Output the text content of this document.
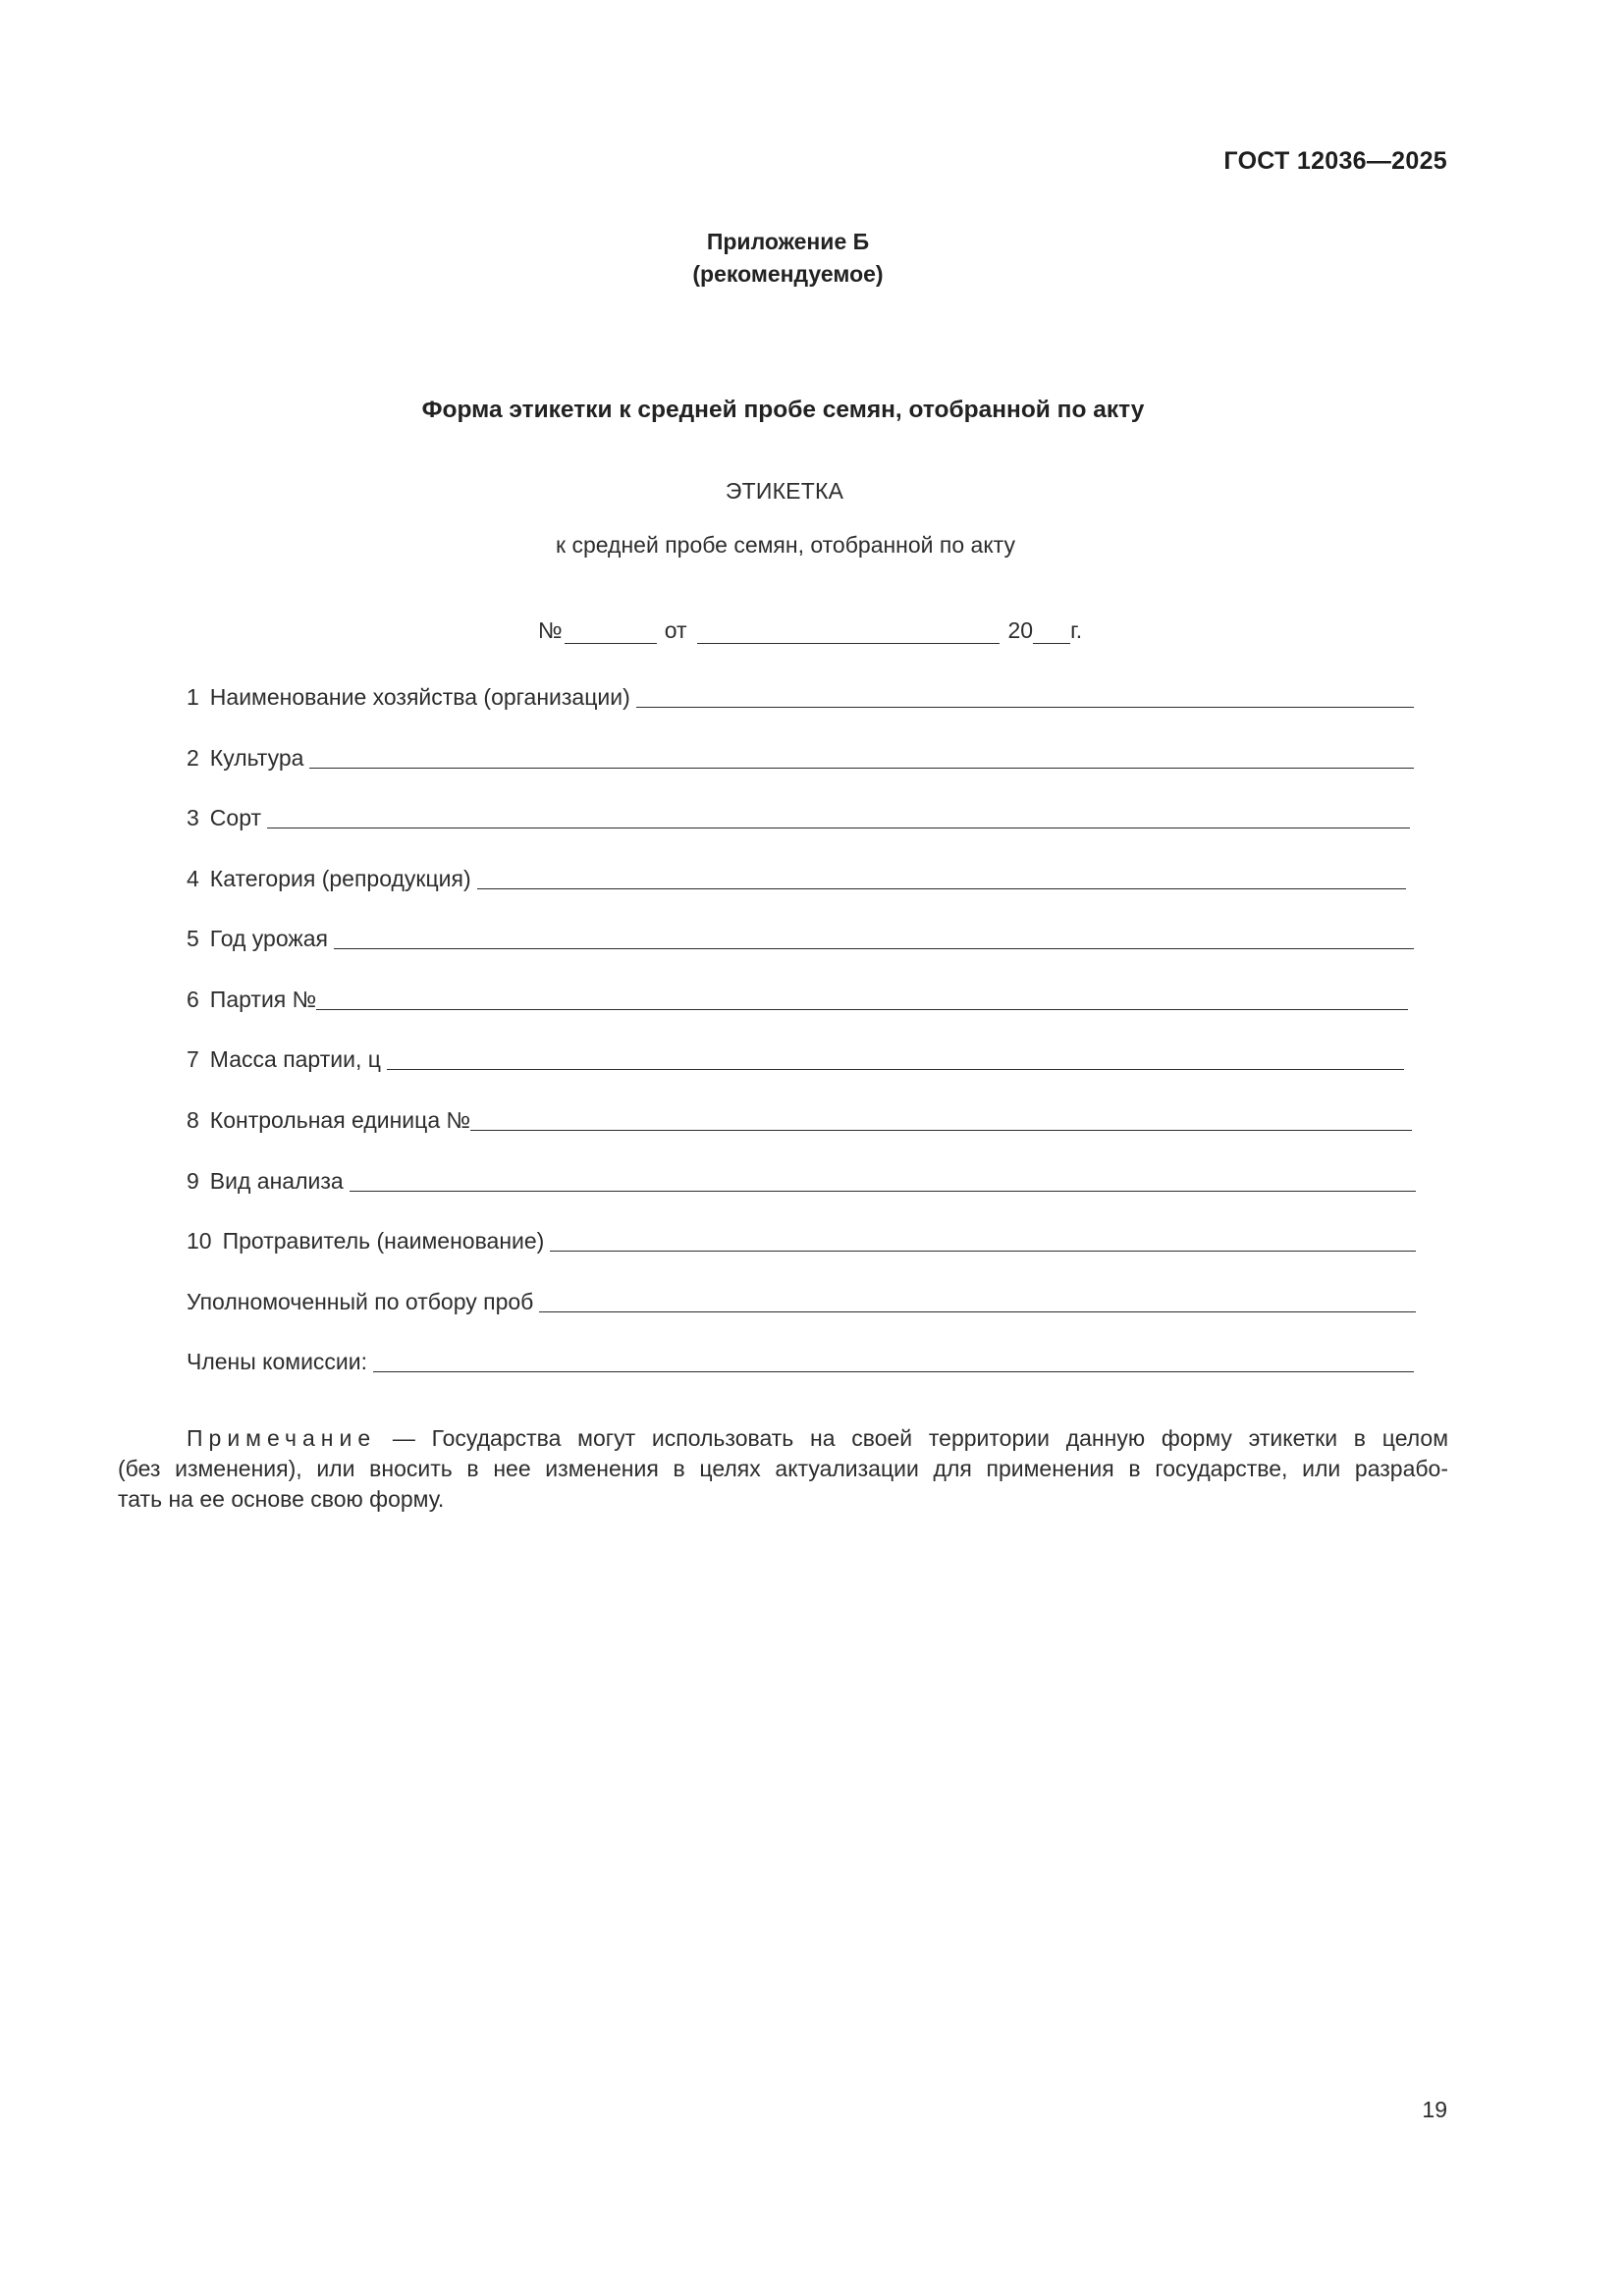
ГОСТ 12036—2025
Приложение Б
(рекомендуемое)
Форма этикетки к средней пробе семян, отобранной по акту
ЭТИКЕТКА
к средней пробе семян, отобранной по акту
№	от	20 г.
1 Наименование хозяйства (организации)
2 Культура
3 Сорт
4 Категория (репродукция)
5 Год урожая
6 Партия №
7 Масса партии, ц
8 Контрольная единица №
9 Вид анализа
10 Протравитель (наименование)
Уполномоченный по отбору проб
Члены комиссии:
Примечание — Государства могут использовать на своей территории данную форму этикетки в целом
(без изменения), или вносить в нее изменения в целях актуализации для применения в государстве, или разрабо-
тать на ее основе свою форму.
19
